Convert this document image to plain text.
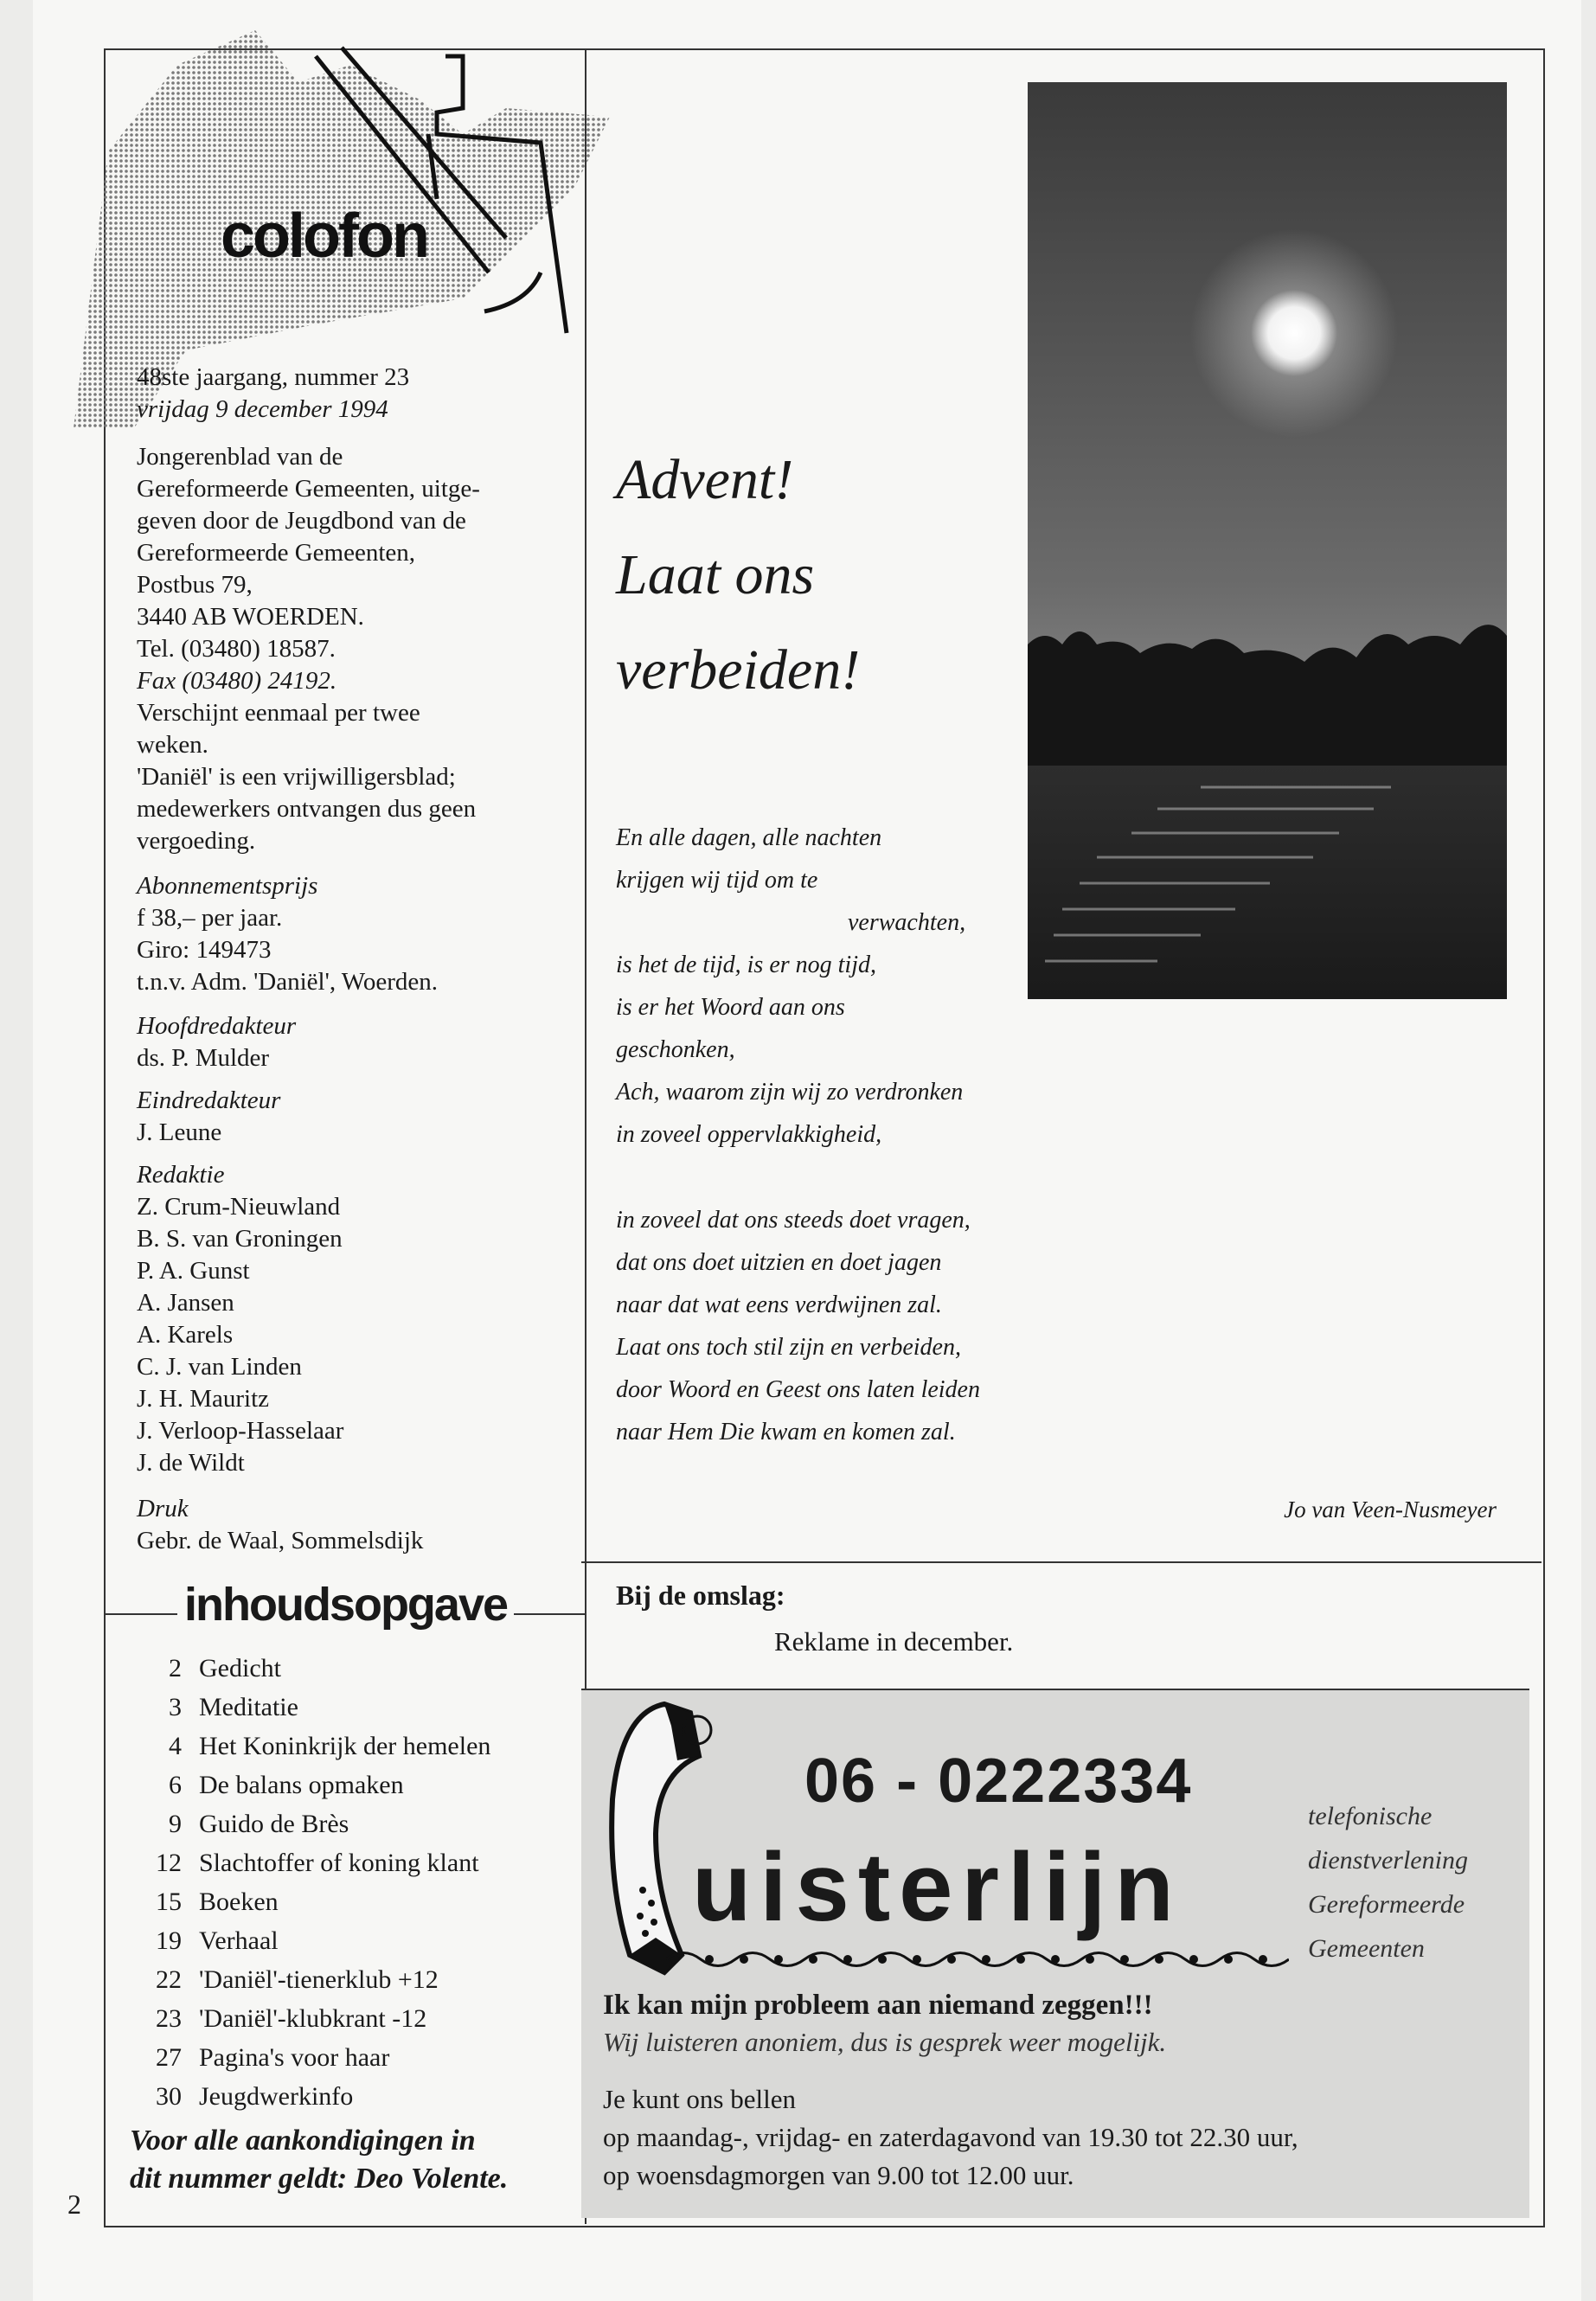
colofon

48ste jaargang, nummer 23

vrijdag 9 december 1994

Jongerenblad van de

Gereformeerde Gemeenten, uitge-

geven door de Jeugdbond van de

Gereformeerde Gemeenten,

Postbus 79,

3440 AB WOERDEN.

Tel. (03480) 18587.

Fax (03480) 24192.

Verschijnt eenmaal per twee

weken.

'Daniël' is een vrijwilligersblad;

medewerkers ontvangen dus geen

vergoeding.

Abonnementsprijs

f 38,– per jaar.

Giro: 149473

t.n.v. Adm. 'Daniël', Woerden.

Hoofdredakteur

ds. P. Mulder

Eindredakteur

J. Leune

Redaktie

Z. Crum-Nieuwland

B. S. van Groningen

P. A. Gunst

A. Jansen

A. Karels

C. J. van Linden

J. H. Mauritz

J. Verloop-Hasselaar

J. de Wildt

Druk

Gebr. de Waal, Sommelsdijk

inhoudsopgave
2 Gedicht
3 Meditatie
4 Het Koninkrijk der hemelen
6 De balans opmaken
9 Guido de Brès
12 Slachtoffer of koning klant
15 Boeken
19 Verhaal
22 'Daniël'-tienerklub +12
23 'Daniël'-klubkrant -12
27 Pagina's voor haar
30 Jeugdwerkinfo
Voor alle aankondigingen in
dit nummer geldt: Deo Volente.
Advent!
Laat ons
verbeiden!

En alle dagen, alle nachten

krijgen wij tijd om te

verwachten,

is het de tijd, is er nog tijd,

is er het Woord aan ons

geschonken,

Ach, waarom zijn wij zo verdronken

in zoveel oppervlakkigheid,

in zoveel dat ons steeds doet vragen,

dat ons doet uitzien en doet jagen

naar dat wat eens verdwijnen zal.

Laat ons toch stil zijn en verbeiden,

door Woord en Geest ons laten leiden

naar Hem Die kwam en komen zal.

Jo van Veen-Nusmeyer
Bij de omslag:
Reklame in december.
06 - 0222334
uisterlijn
telefonische
dienstverlening
Gereformeerde
Gemeenten
Ik kan mijn probleem aan niemand zeggen!!!
Wij luisteren anoniem, dus is gesprek weer mogelijk.
Je kunt ons bellen
op maandag-, vrijdag- en zaterdagavond van 19.30 tot 22.30 uur,
op woensdagmorgen van 9.00 tot 12.00 uur.
2
